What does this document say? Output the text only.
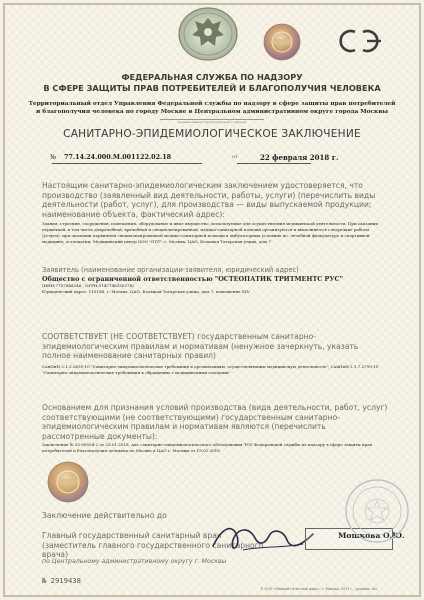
ФЕДЕРАЛЬНАЯ СЛУЖБА ПО НАДЗОРУ
В СФЕРЕ ЗАЩИТЫ ПРАВ ПОТРЕБИТЕЛЕЙ И БЛАГОПОЛУЧИЯ ЧЕЛОВЕКА
Территориальный отдел Управления Федеральной службы по надзору в сфере защиты прав потребителей
и благополучия человека по городу Москве в Центральном административном округе города Москвы
(наименование территориального органа)
САНИТАРНО-ЭПИДЕМИОЛОГИЧЕСКОЕ ЗАКЛЮЧЕНИЕ
№ 77.14.24.000.М.001122.02.18	от	22 февраля 2018 г.
Настоящим санитарно-эпидемиологическим заключением удостоверяется, что производство (заявленный вид деятельности, работы, услуги) (перечислить виды деятельности (работ, услуг), для производства — виды выпускаемой продукции; наименование объекта, фактический адрес):
Здания, строения, сооружения, помещения, оборудование и иное имущество, используемые для осуществления медицинской деятельности. При оказании первичной, в том числе доврачебной, врачебной и специализированной, медико-санитарной помощи организуются и выполняются следующие работы (услуги): при оказании первичной специализированной медико-санитарной помощи в амбулаторных условиях по: лечебной физкультуре и спортивной медицине; остеопатии; Медицинский центр ООО "ОТР"; г. Москва, ЦАО, Большая Татарская улица, дом 7
Заявитель (наименование организации-заявителя, юридический адрес)
Общество с ограниченной ответственностью "ОСТЕОПАТИК ТРИТМЕНТС РУС"
(ИНН:7707848246 , ОГРН:5147746350278)
Юридический адрес: 115184, г. Москва, ЦАО, Большая Татарская улица, дом 7, помещение XLV
СООТВЕТСТВУЕТ (НЕ СООТВЕТСТВУЕТ) государственным санитарно-эпидемиологическим правилам и нормативам (ненужное зачеркнуть, указать полное наименование санитарных правил)
СанПиН 2.1.3.2630-10 "Санитарно-эпидемиологические требования к организациям, осуществляющим медицинскую деятельность"; СанПиН 2.1.7.2790-10 "Санитарно-эпидемиологические требования к обращению с медицинскими отходами"
Основанием для признания условий производства (вида деятельности, работ, услуг) соответствующими (не соответствующими) государственным санитарно-эпидемиологическим правилам и нормативам являются (перечислить рассмотренные документы):
Заключение № 23-00504-2 от 25.01.2018, Акт санитарно-эпидемиологического обследования ТОУ Федеральной службы по надзору в сфере защиты прав потребителей и благополучия человека по Москве в ЦАО г. Москвы от 19.02.2018
Заключение действительно до
Главный государственный санитарный врач
(заместитель главного государственного санитарного врача)
по Центральному административному округу г. Москвы
Мошкова О.Ю.
№ 2919438
© ООО «Первый печатный двор», г. Москва, 2017 г., уровень «В»
